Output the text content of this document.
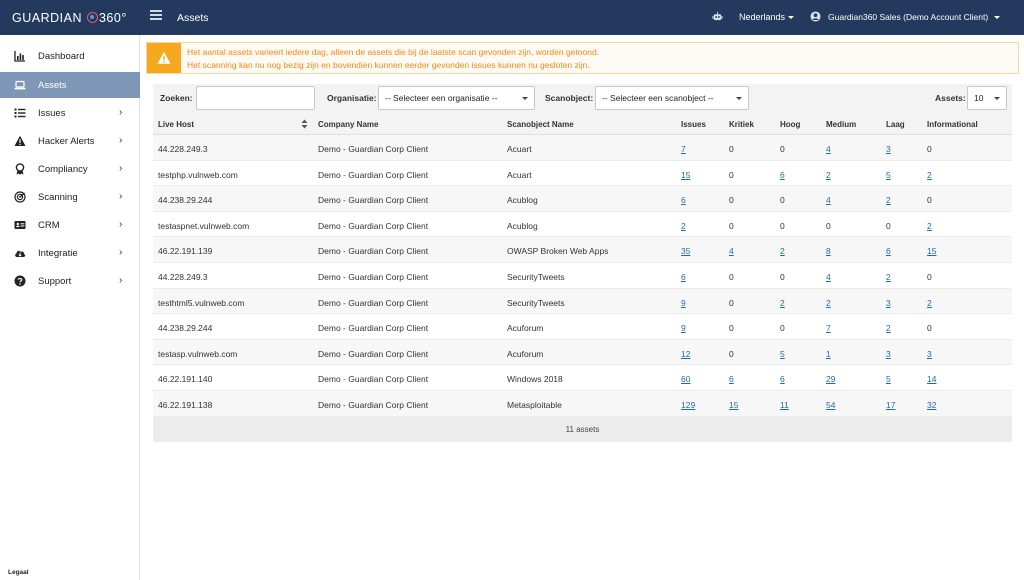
GUARDIAN 360°	Assets	Nederlands	Guardian360 Sales (Demo Account Client)
Dashboard
Assets
Issues	›
Hacker Alerts ›
Compliancy	›
Scanning	›
CRM	›
Integratie	›
Support	›
Legaal
Het aantal assets varieert iedere dag, alleen de assets die bij de laatste scan gevonden zijn, worden getoond.
Het scanning kan nu nog bezig zijn en bovendien kunnen eerder gevonden issues kunnen nu gesloten zijn.
Zoeken:	Organisatie: -- Selecteer een organisatie --	Scanobject:	-- Selecteer een scanobject --	Assets: 10
Live Host	Company Name	Scanobject Name	Issues	Kritiek	Hoog	Medium	Laag	Informational
44.228.249.3	Demo - Guardian Corp Client	Acuart	7	0	0	4	3	0
testphp.vulnweb.com	Demo - Guardian Corp Client	Acuart	15	0	6	2	5	2
44.238.29.244	Demo - Guardian Corp Client	Acublog	6	0	0	4	2	0
testaspnet.vulnweb.com	Demo - Guardian Corp Client	Acublog	2	0	0	0	0	2
46.22.191.139	Demo - Guardian Corp Client	OWASP Broken Web Apps	35	4	2	8	6	15
44.228.249.3	Demo - Guardian Corp Client	SecurityTweets	6	0	0	4	2	0
testhtml5.vulnweb.com	Demo - Guardian Corp Client	SecurityTweets	9	0	2	2	3	2
44.238.29.244	Demo - Guardian Corp Client	Acuforum	9	0	0	7	2	0
testasp.vulnweb.com	Demo - Guardian Corp Client	Acuforum	12	0	5	1	3	3
46.22.191.140	Demo - Guardian Corp Client	Windows 2018	60	6	6	29	5	14
46.22.191.138	Demo - Guardian Corp Client	Metasploitable	129	15	11	54	17	32
11 assets
